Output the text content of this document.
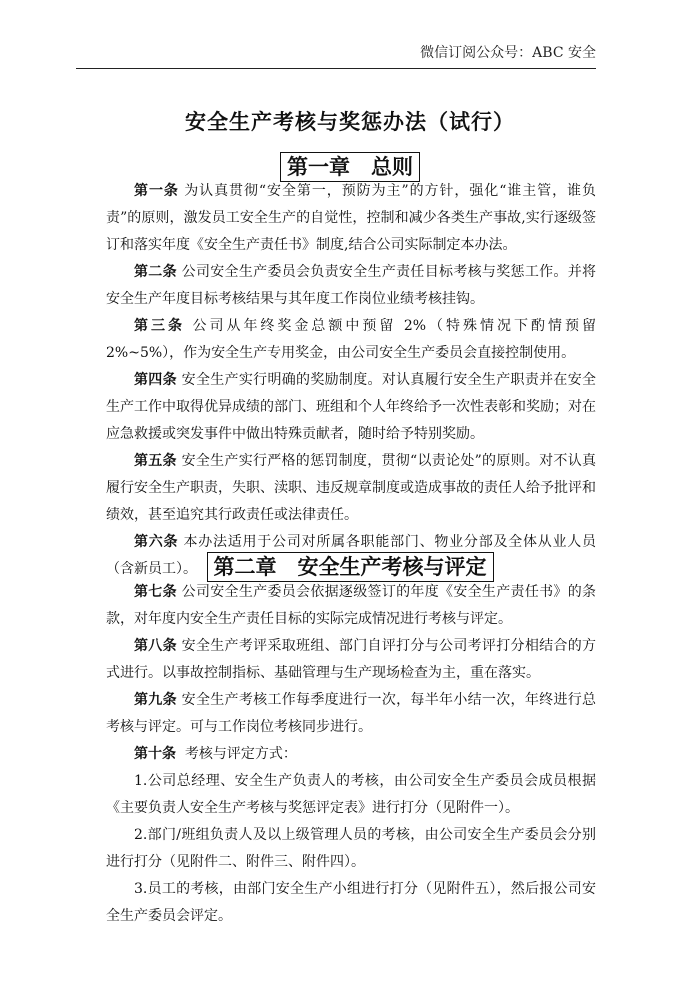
微信订阅公众号：ABC 安全
安全生产考核与奖惩办法（试行）
第一章　总则

第一条 为认真贯彻“安全第一，预防为主”的方针，强化“谁主管，谁负责”的原则，激发员工安全生产的自觉性，控制和减少各类生产事故,实行逐级签订和落实年度《安全生产责任书》制度,结合公司实际制定本办法。

第二条 公司安全生产委员会负责安全生产责任目标考核与奖惩工作。并将安全生产年度目标考核结果与其年度工作岗位业绩考核挂钩。

第三条 公司从年终奖金总额中预留 2%（特殊情况下酌情预留 2%~5%），作为安全生产专用奖金，由公司安全生产委员会直接控制使用。

第四条 安全生产实行明确的奖励制度。对认真履行安全生产职责并在安全生产工作中取得优异成绩的部门、班组和个人年终给予一次性表彰和奖励；对在应急救援或突发事件中做出特殊贡献者，随时给予特别奖励。

第五条 安全生产实行严格的惩罚制度，贯彻“以责论处”的原则。对不认真履行安全生产职责，失职、渎职、违反规章制度或造成事故的责任人给予批评和绩效，甚至追究其行政责任或法律责任。

第六条 本办法适用于公司对所属各职能部门、物业分部及全体从业人员（含新员工）。 第二章　安全生产考核与评定

第七条 公司安全生产委员会依据逐级签订的年度《安全生产责任书》的条款，对年度内安全生产责任目标的实际完成情况进行考核与评定。

第八条 安全生产考评采取班组、部门自评打分与公司考评打分相结合的方式进行。以事故控制指标、基础管理与生产现场检查为主，重在落实。

第九条 安全生产考核工作每季度进行一次，每半年小结一次，年终进行总考核与评定。可与工作岗位考核同步进行。

第十条 考核与评定方式：

1.公司总经理、安全生产负责人的考核，由公司安全生产委员会成员根据《主要负责人安全生产考核与奖惩评定表》进行打分（见附件一）。

2.部门/班组负责人及以上级管理人员的考核，由公司安全生产委员会分别进行打分（见附件二、附件三、附件四）。

3.员工的考核，由部门安全生产小组进行打分（见附件五），然后报公司安全生产委员会评定。
